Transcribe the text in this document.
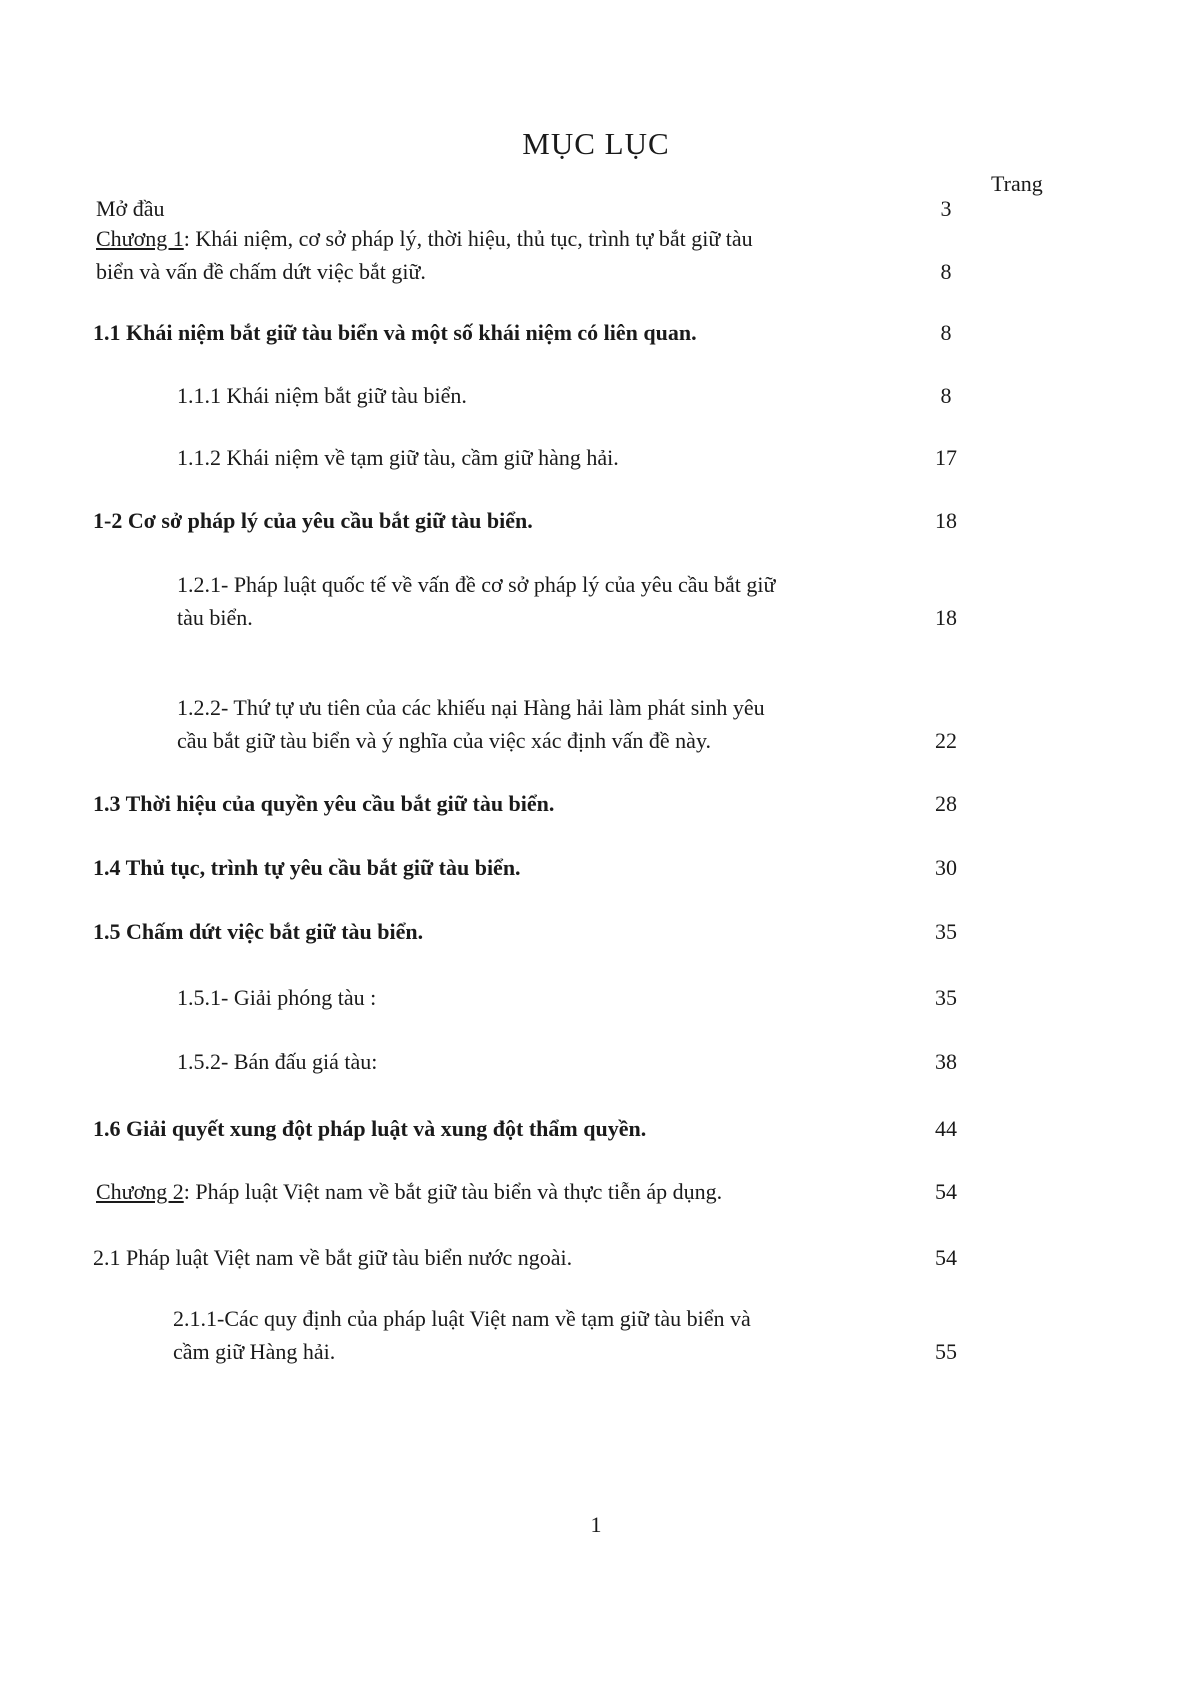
MỤC LỤC
Trang
Mở đầu	3
Chương 1: Khái niệm, cơ sở pháp lý, thời hiệu, thủ tục, trình tự bắt giữ tàu
biển và vấn đề chấm dứt việc bắt giữ.	8
1.1 Khái niệm bắt giữ tàu biển và một số khái niệm có liên quan.	8
1.1.1 Khái niệm bắt giữ tàu biển.	8
1.1.2 Khái niệm về tạm giữ tàu, cầm giữ hàng hải.	17
1-2 Cơ sở pháp lý của yêu cầu bắt giữ tàu biển.	18
1.2.1- Pháp luật quốc tế về vấn đề cơ sở pháp lý của yêu cầu bắt giữ
tàu biển.	18
1.2.2- Thứ tự ưu tiên của các khiếu nại Hàng hải làm phát sinh yêu
cầu bắt giữ tàu biển và ý nghĩa của việc xác định vấn đề này.	22
1.3 Thời hiệu của quyền yêu cầu bắt giữ tàu biển.	28
1.4 Thủ tục, trình tự yêu cầu bắt giữ tàu biển.	30
1.5 Chấm dứt việc bắt giữ tàu biển.	35
1.5.1- Giải phóng tàu :	35
1.5.2- Bán đấu giá tàu:	38
1.6 Giải quyết xung đột pháp luật và xung đột thẩm quyền.	44
Chương 2: Pháp luật Việt nam về bắt giữ tàu biển và thực tiễn áp dụng.	54
2.1 Pháp luật Việt nam về bắt giữ tàu biển nước ngoài.	54
2.1.1-Các quy định của pháp luật Việt nam về tạm giữ tàu biển và
cầm giữ Hàng hải.	55
1
